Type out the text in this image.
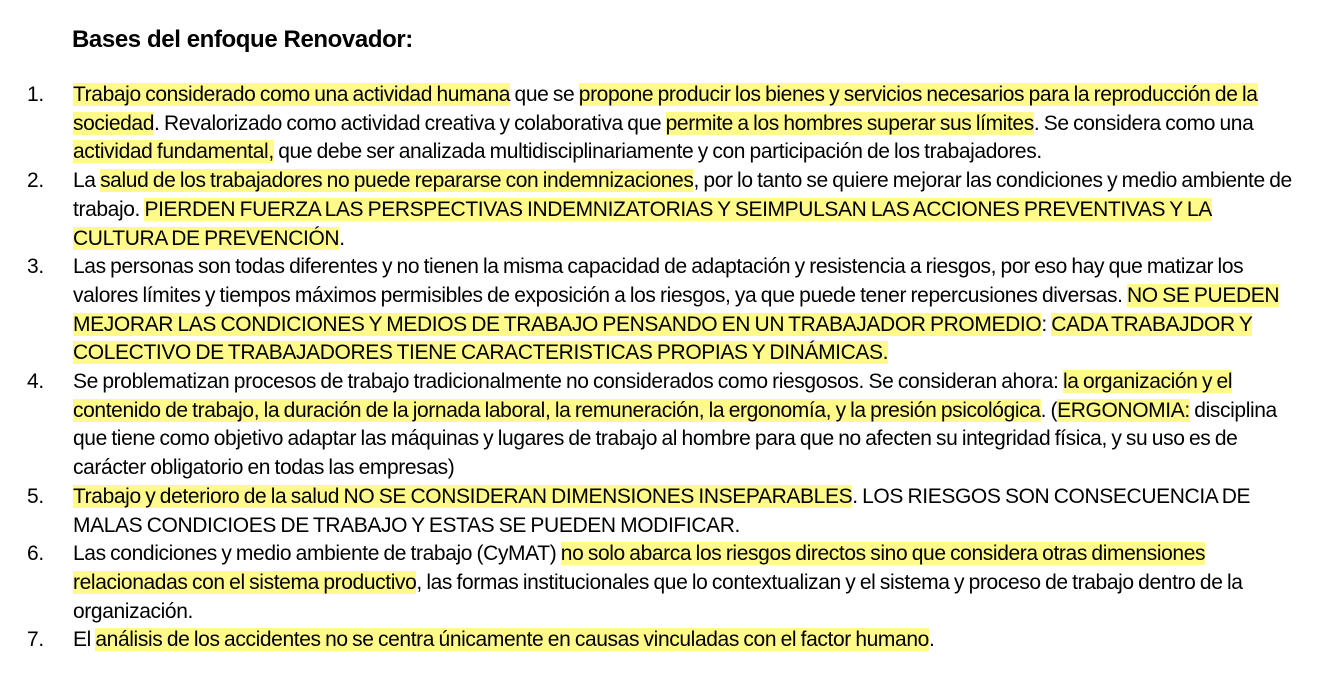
Bases del enfoque Renovador:
1.	Trabajo considerado como una actividad humana que se propone producir los bienes y servicios necesarios para la reproducción de la
sociedad. Revalorizado como actividad creativa y colaborativa que permite a los hombres superar sus límites. Se considera como una
actividad fundamental, que debe ser analizada multidisciplinariamente y con participación de los trabajadores.
2.	La salud de los trabajadores no puede repararse con indemnizaciones, por lo tanto se quiere mejorar las condiciones y medio ambiente de
trabajo. PIERDEN FUERZA LAS PERSPECTIVAS INDEMNIZATORIAS Y SEIMPULSAN LAS ACCIONES PREVENTIVAS Y LA
CULTURA DE PREVENCIÓN.
3.	Las personas son todas diferentes y no tienen la misma capacidad de adaptación y resistencia a riesgos, por eso hay que matizar los
valores límites y tiempos máximos permisibles de exposición a los riesgos, ya que puede tener repercusiones diversas. NO SE PUEDEN
MEJORAR LAS CONDICIONES Y MEDIOS DE TRABAJO PENSANDO EN UN TRABAJADOR PROMEDIO: CADA TRABAJDOR Y
COLECTIVO DE TRABAJADORES TIENE CARACTERISTICAS PROPIAS Y DINÁMICAS.
4.	Se problematizan procesos de trabajo tradicionalmente no considerados como riesgosos. Se consideran ahora: la organización y el
contenido de trabajo, la duración de la jornada laboral, la remuneración, la ergonomía, y la presión psicológica. (ERGONOMIA: disciplina
que tiene como objetivo adaptar las máquinas y lugares de trabajo al hombre para que no afecten su integridad física, y su uso es de
carácter obligatorio en todas las empresas)
5.	Trabajo y deterioro de la salud NO SE CONSIDERAN DIMENSIONES INSEPARABLES. LOS RIESGOS SON CONSECUENCIA DE
MALAS CONDICIOES DE TRABAJO Y ESTAS SE PUEDEN MODIFICAR.
6.	Las condiciones y medio ambiente de trabajo (CyMAT) no solo abarca los riesgos directos sino que considera otras dimensiones
relacionadas con el sistema productivo, las formas institucionales que lo contextualizan y el sistema y proceso de trabajo dentro de la
organización.
7.	El análisis de los accidentes no se centra únicamente en causas vinculadas con el factor humano.
